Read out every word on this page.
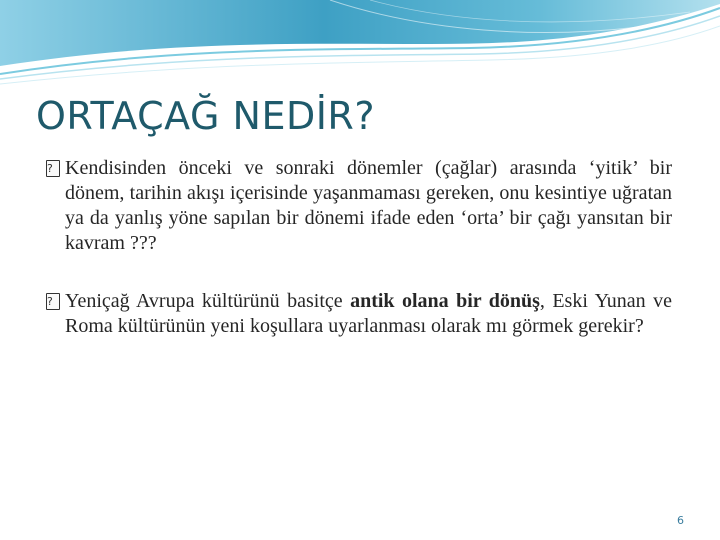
ORTAÇAĞ NEDİR?

? Kendisinden önceki ve sonraki dönemler (çağlar) arasında ‘yitik’ bir dönem, tarihin akışı içerisinde yaşanmaması gereken, onu kesintiye uğratan ya da yanlış yöne sapılan bir dönemi ifade eden ‘orta’ bir çağı yansıtan bir kavram ???

? Yeniçağ Avrupa kültürünü basitçe antik olana bir dönüş, Eski Yunan ve Roma kültürünün yeni koşullara uyarlanması olarak mı görmek gerekir?

6
